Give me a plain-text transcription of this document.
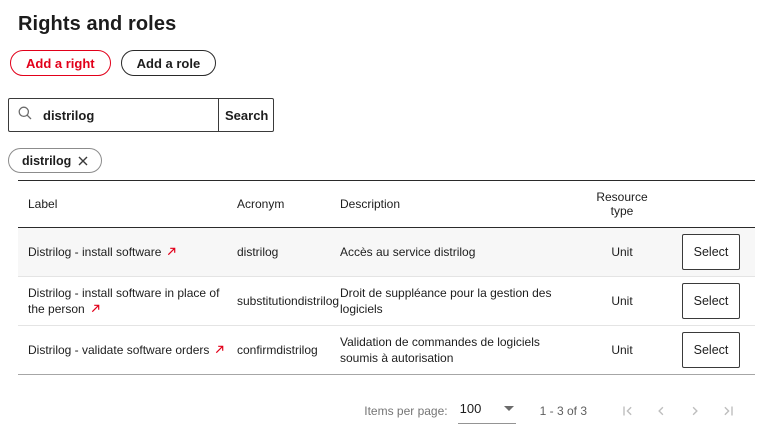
Rights and roles
Add a right	Add a role
distrilog
Search
distrilog
Label	Acronym	Description	Resource type	
Distrilog - install software	distrilog	Accès au service distrilog	Unit	Select

Distrilog - install software in place of the person	substitutiondistrilog	Droit de suppléance pour la gestion des logiciels	Unit	Select

Distrilog - validate software orders	confirmdistrilog	Validation de commandes de logiciels soumis à autorisation	Unit	Select
Items per page: 100	1 - 3 of 3
